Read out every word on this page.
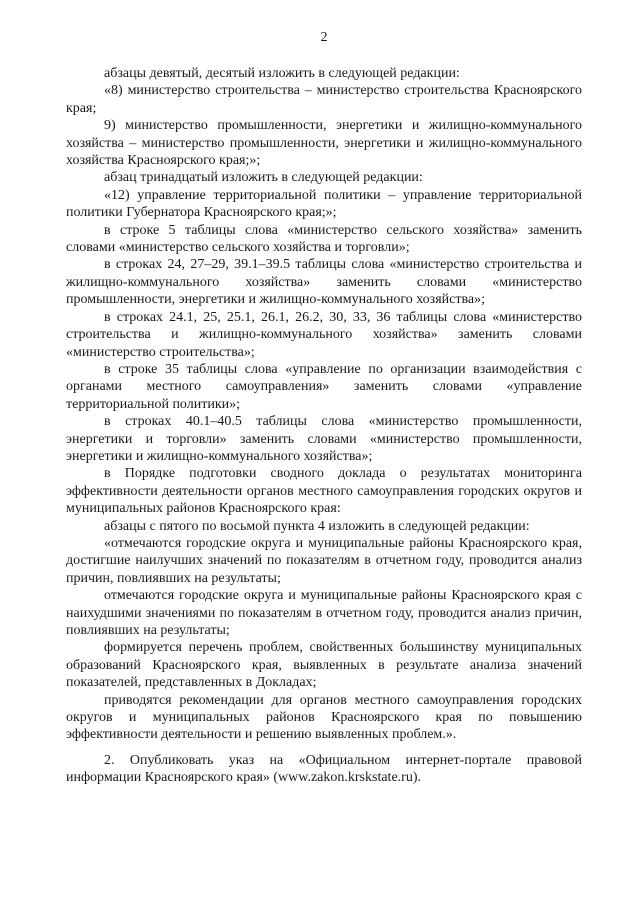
2

абзацы девятый, десятый изложить в следующей редакции:

«8) министерство строительства – министерство строительства Красноярского края;

9) министерство промышленности, энергетики и жилищно-коммунального хозяйства – министерство промышленности, энергетики и жилищно-коммунального хозяйства Красноярского края;»;

абзац тринадцатый изложить в следующей редакции:

«12) управление территориальной политики – управление территориальной политики Губернатора Красноярского края;»;

в строке 5 таблицы слова «министерство сельского хозяйства» заменить словами «министерство сельского хозяйства и торговли»;

в строках 24, 27–29, 39.1–39.5 таблицы слова «министерство строительства и жилищно-коммунального хозяйства» заменить словами «министерство промышленности, энергетики и жилищно-коммунального хозяйства»;

в строках 24.1, 25, 25.1, 26.1, 26.2, 30, 33, 36 таблицы слова «министерство строительства и жилищно-коммунального хозяйства» заменить словами «министерство строительства»;

в строке 35 таблицы слова «управление по организации взаимодействия с органами местного самоуправления» заменить словами «управление территориальной политики»;

в строках 40.1–40.5 таблицы слова «министерство промышленности, энергетики и торговли» заменить словами «министерство промышленности, энергетики и жилищно-коммунального хозяйства»;

в Порядке подготовки сводного доклада о результатах мониторинга эффективности деятельности органов местного самоуправления городских округов и муниципальных районов Красноярского края:

абзацы с пятого по восьмой пункта 4 изложить в следующей редакции:

«отмечаются городские округа и муниципальные районы Красноярского края, достигшие наилучших значений по показателям в отчетном году, проводится анализ причин, повлиявших на результаты;

отмечаются городские округа и муниципальные районы Красноярского края с наихудшими значениями по показателям в отчетном году, проводится анализ причин, повлиявших на результаты;

формируется перечень проблем, свойственных большинству муниципальных образований Красноярского края, выявленных в результате анализа значений показателей, представленных в Докладах;

приводятся рекомендации для органов местного самоуправления городских округов и муниципальных районов Красноярского края по повышению эффективности деятельности и решению выявленных проблем.».

2. Опубликовать указ на «Официальном интернет-портале правовой информации Красноярского края» (www.zakon.krskstate.ru).
